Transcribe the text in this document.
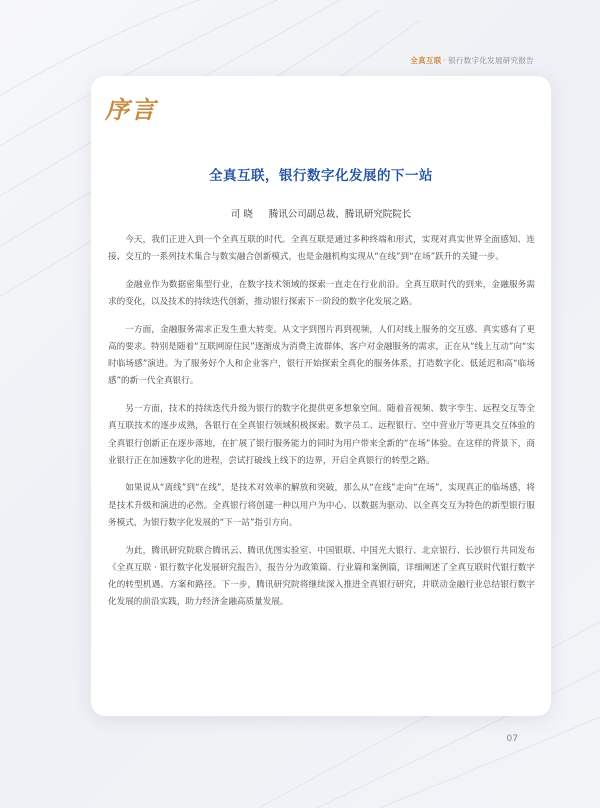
全真互联 · 银行数字化发展研究报告
序言
全真互联，银行数字化发展的下一站
司 晓 腾讯公司副总裁、腾讯研究院院长

今天，我们正进入到一个全真互联的时代。全真互联是通过多种终端和形式，实现对真实世界全面感知、连接、交互的一系列技术集合与数实融合创新模式，也是金融机构实现从“在线”到“在场”跃升的关键一步。

金融业作为数据密集型行业，在数字技术领域的探索一直走在行业前沿。全真互联时代的到来，金融服务需求的变化，以及技术的持续迭代创新，推动银行探索下一阶段的数字化发展之路。

一方面，金融服务需求正发生重大转变。从文字到图片再到视频，人们对线上服务的交互感、真实感有了更高的要求。特别是随着“互联网原住民”逐渐成为消费主流群体，客户对金融服务的需求，正在从“线上互动”向“实时临场感”演进。为了服务好个人和企业客户，银行开始探索全真化的服务体系，打造数字化、低延迟和高“临场感”的新一代全真银行。

另一方面，技术的持续迭代升级为银行的数字化提供更多想象空间。随着音视频、数字孪生、远程交互等全真互联技术的逐步成熟，各银行在全真银行领域积极探索。数字员工、远程银行、空中营业厅等更具交互体验的全真银行创新正在逐步落地，在扩展了银行服务能力的同时为用户带来全新的“在场”体验。在这样的背景下，商业银行正在加速数字化的进程，尝试打破线上线下的边界，开启全真银行的转型之路。

如果说从“离线”到“在线”，是技术对效率的解放和突破，那么从“在线”走向“在场”，实现真正的临场感，将是技术升级和演进的必然。全真银行将创建一种以用户为中心、以数据为驱动、以全真交互为特色的新型银行服务模式，为银行数字化发展的“下一站”指引方向。

为此，腾讯研究院联合腾讯云、腾讯优图实验室、中国银联、中国光大银行、北京银行、长沙银行共同发布《全真互联 · 银行数字化发展研究报告》，报告分为政策篇、行业篇和案例篇，详细阐述了全真互联时代银行数字化的转型机遇、方案和路径。下一步，腾讯研究院将继续深入推进全真银行研究，并联动金融行业总结银行数字化发展的前沿实践，助力经济金融高质量发展。

07
